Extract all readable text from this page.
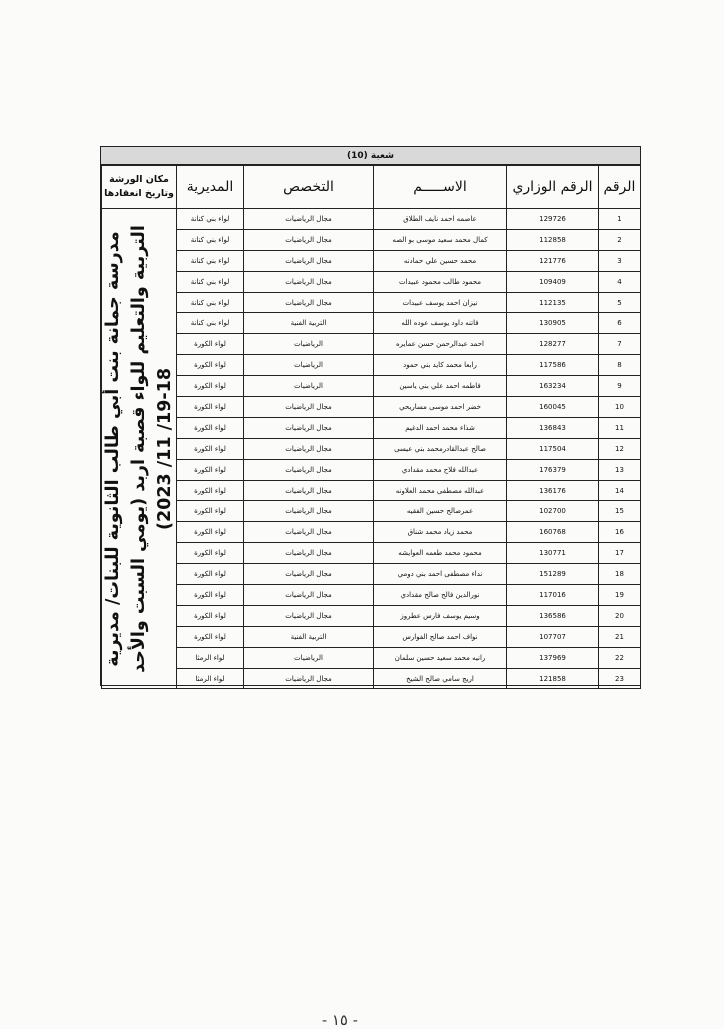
شعبة (10)
الرقم	الرقم الوزاري	الاســـــم	التخصص	المديرية	مكان الورشة وتاريخ انعقادها
1	129726	عاصمه احمد نايف الطلاق	مجال الرياضيات	لواء بني كنانة	مدرسة جمانة بنت أبي طالب الثانوية للبنات/ مديرية التربية والتعليم للواء قصبة اربد (يومي السبت والأحد 18-19/ 11/ 2023)

2	112858	كمال محمد سعيد موسى بو الصه	مجال الرياضيات	لواء بني كنانة	
3	121776	محمد حسين علي حمادنه	مجال الرياضيات	لواء بني كنانة	
4	109409	محمود طالب محمود عبيدات	مجال الرياضيات	لواء بني كنانة	
5	112135	نيزان احمد يوسف عبيدات	مجال الرياضيات	لواء بني كنانة	
6	130905	فاتنه داود يوسف عوده الله	التربية الفنية	لواء بني كنانة	
7	128277	احمد عبدالرحمن حسن عمايره	الرياضيات	لواء الكورة	
8	117586	رابعا محمد كايد بني حمود	الرياضيات	لواء الكورة	
9	163234	فاطمه احمد علي بني ياسين	الرياضيات	لواء الكورة	
10	160045	خضر احمد موسى مساريحي	مجال الرياضيات	لواء الكورة	
11	136843	شذاء محمد احمد الدغيم	مجال الرياضيات	لواء الكورة	
12	117504	صالح عبدالقادرمحمد بني عيسى	مجال الرياضيات	لواء الكورة	
13	176379	عبدالله فلاح محمد مقدادي	مجال الرياضيات	لواء الكورة	
14	136176	عبدالله مصطفى محمد العلاونه	مجال الرياضيات	لواء الكورة	
15	102700	عمرصالح حسين الفقيه	مجال الرياضيات	لواء الكورة	
16	160768	محمد زياد محمد شناق	مجال الرياضيات	لواء الكورة	
17	130771	محمود محمد طعمه العوايشه	مجال الرياضيات	لواء الكورة	
18	151289	نداء مصطفى احمد بني دومي	مجال الرياضيات	لواء الكورة	
19	117016	نورالدين فالح صالح مقدادي	مجال الرياضيات	لواء الكورة	
20	136586	وسيم يوسف فارس عطروز	مجال الرياضيات	لواء الكورة	
21	107707	نواف احمد صالح الفوارس	التربية الفنية	لواء الكورة	
22	137969	رانيه محمد سعيد حسين سلمان	الرياضيات	لواء الرمثا	
23	121858	اريج سامي صالح الشيخ	مجال الرياضيات	لواء الرمثا	
- ١٥ -
